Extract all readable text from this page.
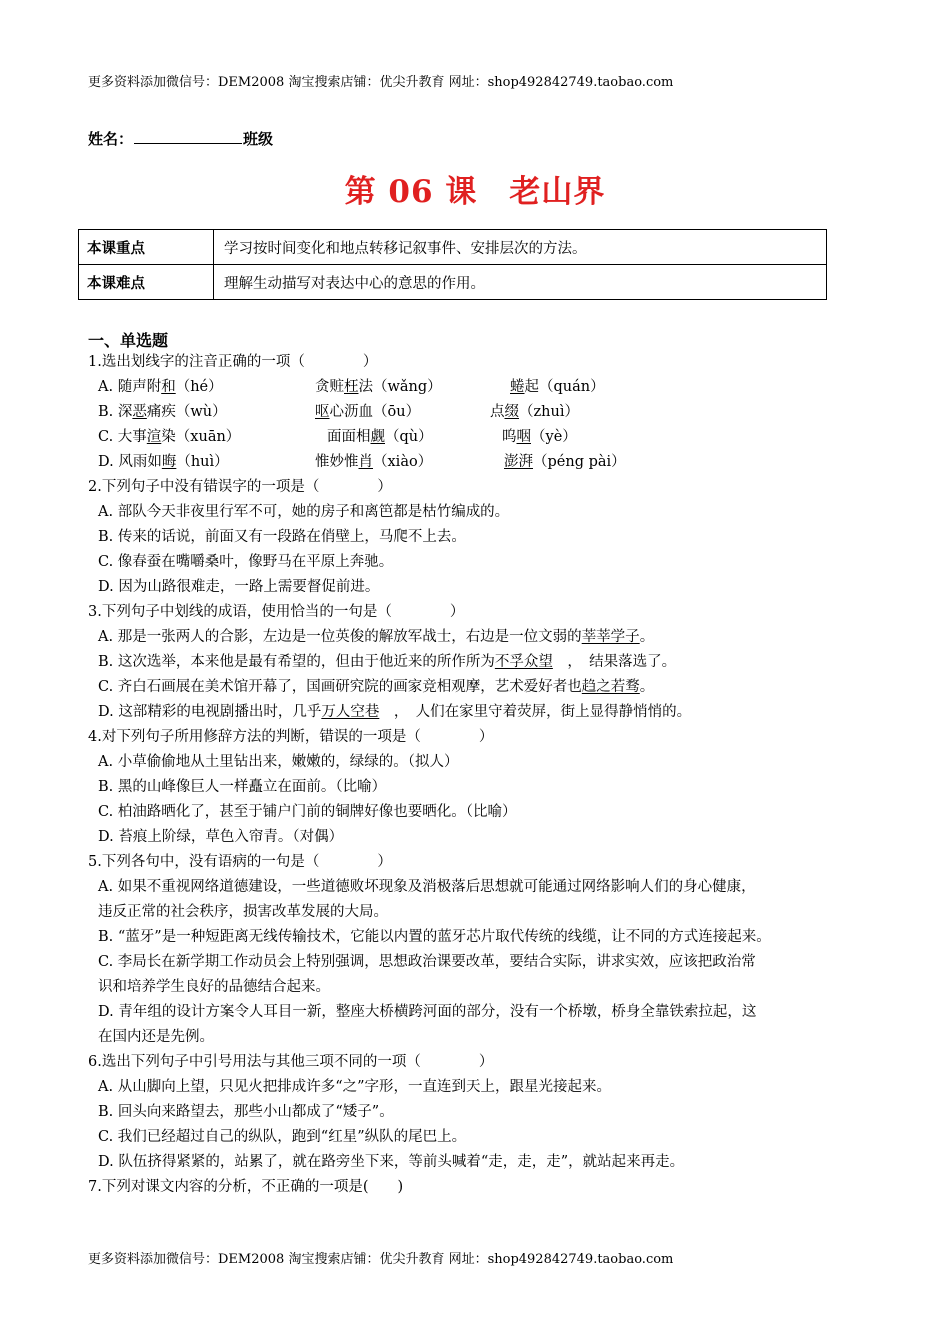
更多资料添加微信号：DEM2008 淘宝搜索店铺：优尖升教育 网址：shop492842749.taobao.com
姓名：	班级
第 06 课　老山界
本课重点	学习按时间变化和地点转移记叙事件、安排层次的方法。
本课难点	理解生动描写对表达中心的意思的作用。
一、单选题
1.选出划线字的注音正确的一项（　　　　）
A. 随声附和（hé）	贪赃枉法（wǎng）	蜷起（quán）
B. 深恶痛疾（wù）	呕心沥血（ōu）	点缀（zhuì）
C. 大事渲染（xuān）	面面相觑（qù）	呜咽（yè）
D. 风雨如晦（huì）	惟妙惟肖（xiào）	澎湃（péng pài）
2.下列句子中没有错误字的一项是（　　　　）
A. 部队今天非夜里行军不可，她的房子和离笆都是枯竹编成的。
B. 传来的话说，前面又有一段路在俏壁上，马爬不上去。
C. 像春蚕在嘴嚼桑叶，像野马在平原上奔驰。
D. 因为山路很难走，一路上需要督促前进。
3.下列句子中划线的成语，使用恰当的一句是（　　　　）
A. 那是一张两人的合影，左边是一位英俊的解放军战士，右边是一位文弱的莘莘学子。
B. 这次选举，本来他是最有希望的，但由于他近来的所作所为不孚众望　，　结果落选了。
C. 齐白石画展在美术馆开幕了，国画研究院的画家竞相观摩，艺术爱好者也趋之若骛。
D. 这部精彩的电视剧播出时，几乎万人空巷　，　人们在家里守着荧屏，街上显得静悄悄的。
4.对下列句子所用修辞方法的判断，错误的一项是（　　　　）
A. 小草偷偷地从土里钻出来，嫩嫩的，绿绿的。（拟人）
B. 黑的山峰像巨人一样矗立在面前。（比喻）
C. 柏油路晒化了，甚至于铺户门前的铜牌好像也要晒化。（比喻）
D. 苔痕上阶绿，草色入帘青。（对偶）
5.下列各句中，没有语病的一句是（　　　　）
A. 如果不重视网络道德建设，一些道德败坏现象及消极落后思想就可能通过网络影响人们的身心健康，
违反正常的社会秩序，损害改革发展的大局。
B. “蓝牙”是一种短距离无线传输技术，它能以内置的蓝牙芯片取代传统的线缆，让不同的方式连接起来。
C. 李局长在新学期工作动员会上特别强调，思想政治课要改革，要结合实际，讲求实效，应该把政治常
识和培养学生良好的品德结合起来。
D. 青年组的设计方案令人耳目一新，整座大桥横跨河面的部分，没有一个桥墩，桥身全靠铁索拉起，这
在国内还是先例。
6.选出下列句子中引号用法与其他三项不同的一项（　　　　）
A. 从山脚向上望，只见火把排成许多“之”字形，一直连到天上，跟星光接起来。
B. 回头向来路望去，那些小山都成了“矮子”。
C. 我们已经超过自己的纵队，跑到“红星”纵队的尾巴上。
D. 队伍挤得紧紧的，站累了，就在路旁坐下来，等前头喊着“走，走，走”，就站起来再走。
7.下列对课文内容的分析，不正确的一项是(　　)
更多资料添加微信号：DEM2008 淘宝搜索店铺：优尖升教育 网址：shop492842749.taobao.com
